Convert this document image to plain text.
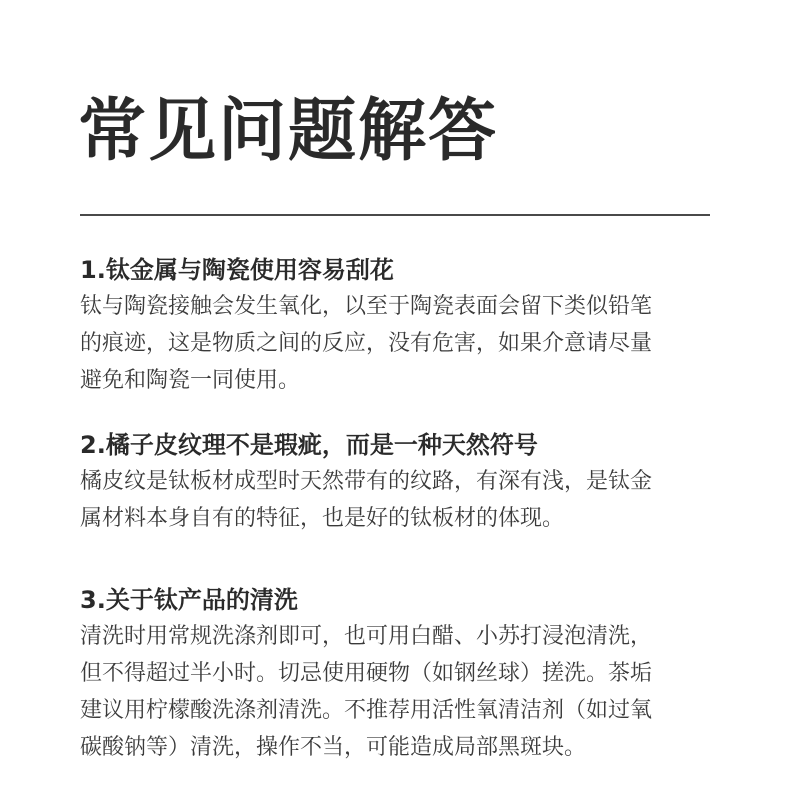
常见问题解答
1.钛金属与陶瓷使用容易刮花
钛与陶瓷接触会发生氧化，以至于陶瓷表面会留下类似铅笔
的痕迹，这是物质之间的反应，没有危害，如果介意请尽量
避免和陶瓷一同使用。
2.橘子皮纹理不是瑕疵，而是一种天然符号
橘皮纹是钛板材成型时天然带有的纹路，有深有浅，是钛金
属材料本身自有的特征，也是好的钛板材的体现。
3.关于钛产品的清洗
清洗时用常规洗涤剂即可，也可用白醋、小苏打浸泡清洗，
但不得超过半小时。切忌使用硬物（如钢丝球）搓洗。茶垢
建议用柠檬酸洗涤剂清洗。不推荐用活性氧清洁剂（如过氧
碳酸钠等）清洗，操作不当，可能造成局部黑斑块。
